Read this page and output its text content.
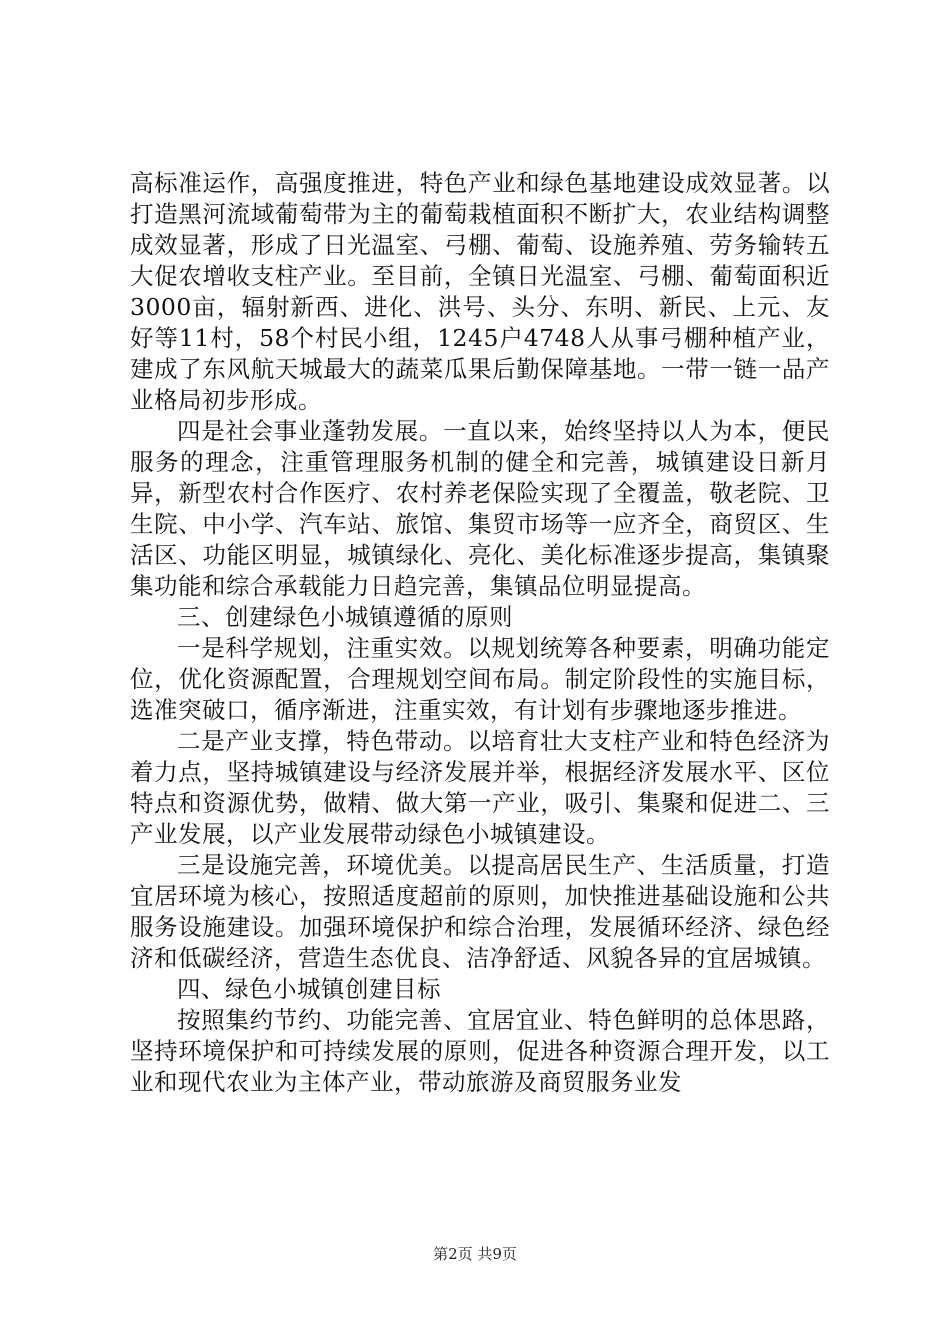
高标准运作，高强度推进，特色产业和绿色基地建设成效显著。以打造黑河流域葡萄带为主的葡萄栽植面积不断扩大，农业结构调整成效显著，形成了日光温室、弓棚、葡萄、设施养殖、劳务输转五大促农增收支柱产业。至目前，全镇日光温室、弓棚、葡萄面积近3000亩，辐射新西、进化、洪号、头分、东明、新民、上元、友好等11村，58个村民小组，1245户4748人从事弓棚种植产业，建成了东风航天城最大的蔬菜瓜果后勤保障基地。一带一链一品产业格局初步形成。

四是社会事业蓬勃发展。一直以来，始终坚持以人为本，便民服务的理念，注重管理服务机制的健全和完善，城镇建设日新月异，新型农村合作医疗、农村养老保险实现了全覆盖，敬老院、卫生院、中小学、汽车站、旅馆、集贸市场等一应齐全，商贸区、生活区、功能区明显，城镇绿化、亮化、美化标准逐步提高，集镇聚集功能和综合承载能力日趋完善，集镇品位明显提高。

三、创建绿色小城镇遵循的原则

一是科学规划，注重实效。以规划统筹各种要素，明确功能定位，优化资源配置，合理规划空间布局。制定阶段性的实施目标，选准突破口，循序渐进，注重实效，有计划有步骤地逐步推进。

二是产业支撑，特色带动。以培育壮大支柱产业和特色经济为着力点，坚持城镇建设与经济发展并举，根据经济发展水平、区位特点和资源优势，做精、做大第一产业，吸引、集聚和促进二、三产业发展，以产业发展带动绿色小城镇建设。

三是设施完善，环境优美。以提高居民生产、生活质量，打造宜居环境为核心，按照适度超前的原则，加快推进基础设施和公共服务设施建设。加强环境保护和综合治理，发展循环经济、绿色经济和低碳经济，营造生态优良、洁净舒适、风貌各异的宜居城镇。

四、绿色小城镇创建目标

按照集约节约、功能完善、宜居宜业、特色鲜明的总体思路，坚持环境保护和可持续发展的原则，促进各种资源合理开发，以工业和现代农业为主体产业，带动旅游及商贸服务业发

第2页 共9页
